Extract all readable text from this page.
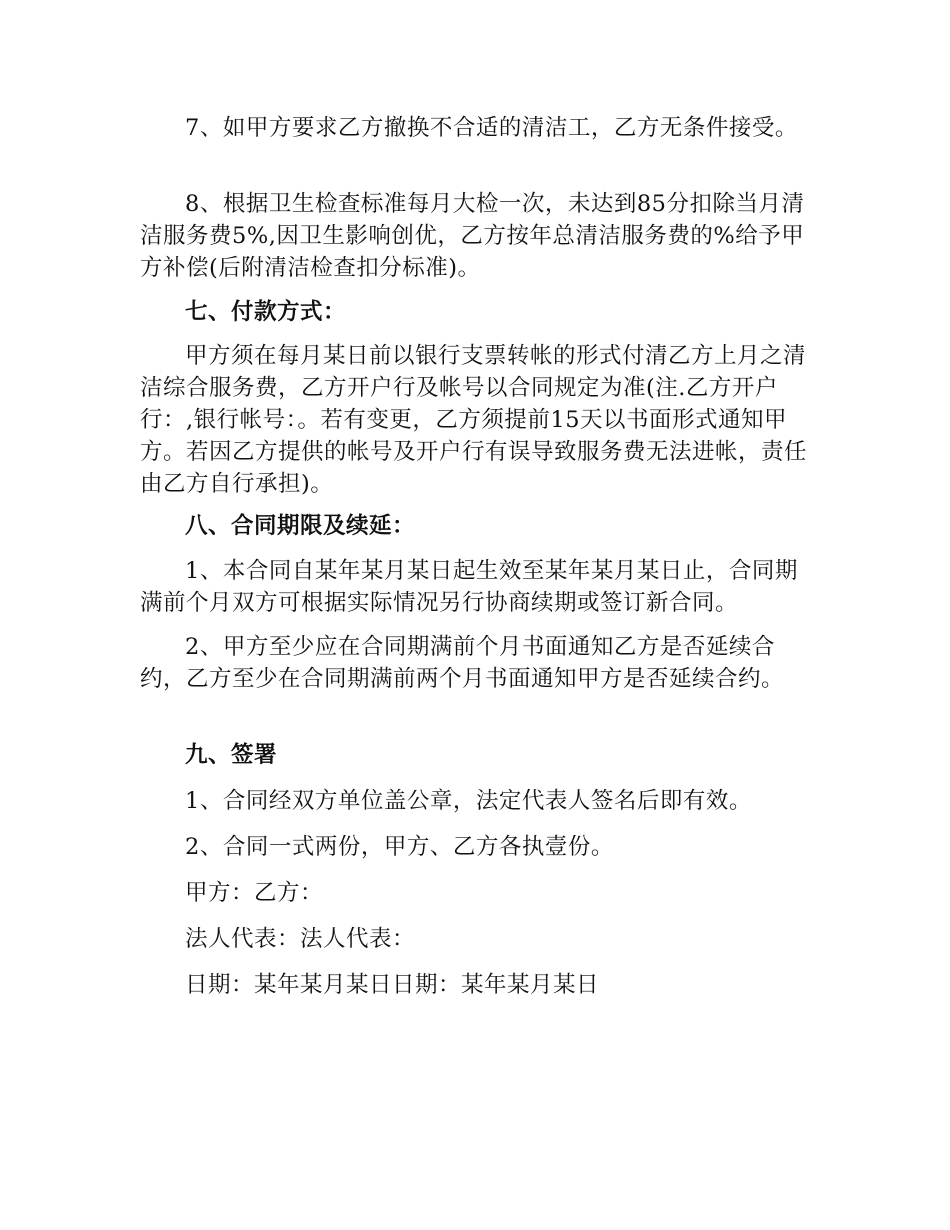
7、如甲方要求乙方撤换不合适的清洁工，乙方无条件接受。

8、根据卫生检查标准每月大检一次，未达到85分扣除当月清洁服务费5%,因卫生影响创优，乙方按年总清洁服务费的%给予甲方补偿(后附清洁检查扣分标准)。

七、付款方式：

甲方须在每月某日前以银行支票转帐的形式付清乙方上月之清洁综合服务费，乙方开户行及帐号以合同规定为准(注.乙方开户行：,银行帐号：。若有变更，乙方须提前15天以书面形式通知甲方。若因乙方提供的帐号及开户行有误导致服务费无法进帐，责任由乙方自行承担)。

八、合同期限及续延：

1、本合同自某年某月某日起生效至某年某月某日止，合同期满前个月双方可根据实际情况另行协商续期或签订新合同。

2、甲方至少应在合同期满前个月书面通知乙方是否延续合约，乙方至少在合同期满前两个月书面通知甲方是否延续合约。

九、签署

1、合同经双方单位盖公章，法定代表人签名后即有效。

2、合同一式两份，甲方、乙方各执壹份。

甲方：乙方：

法人代表：法人代表：

日期：某年某月某日日期：某年某月某日
